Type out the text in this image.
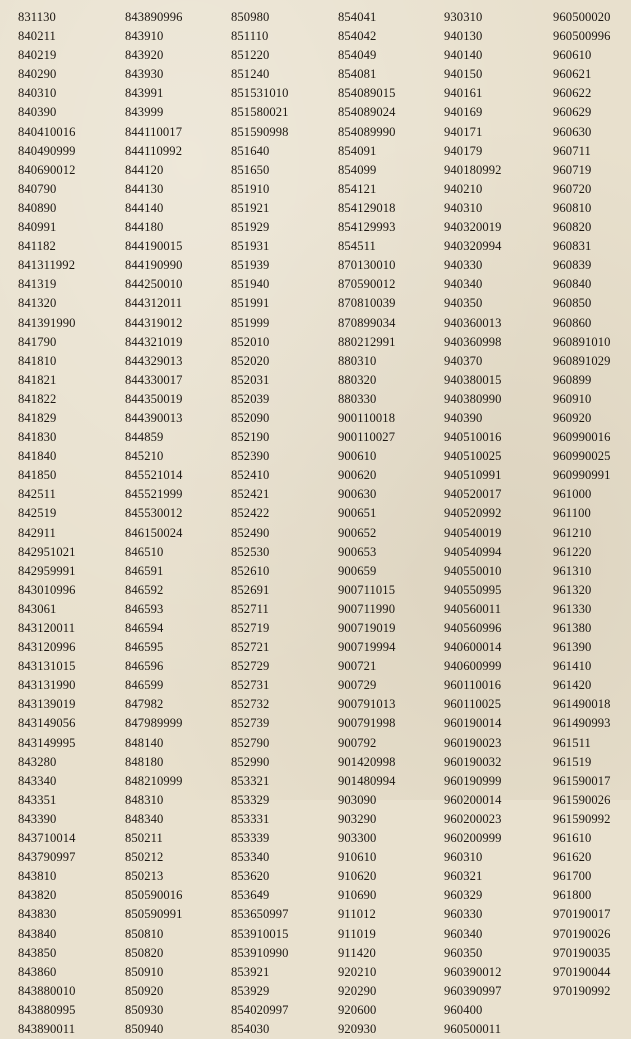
831130
840211
840219
840290
840310
840390
840410016
840490999
840690012
840790
840890
840991
841182
841311992
841319
841320
841391990
841790
841810
841821
841822
841829
841830
841840
841850
842511
842519
842911
842951021
842959991
843010996
843061
843120011
843120996
843131015
843131990
843139019
843149056
843149995
843280
843340
843351
843390
843710014
843790997
843810
843820
843830
843840
843850
843860
843880010
843880995
843890011
843890996
843910
843920
843930
843991
843999
844110017
844110992
844120
844130
844140
844180
844190015
844190990
844250010
844312011
844319012
844321019
844329013
844330017
844350019
844390013
844859
845210
845521014
845521999
845530012
846150024
846510
846591
846592
846593
846594
846595
846596
846599
847982
847989999
848140
848180
848210999
848310
848340
850211
850212
850213
850590016
850590991
850810
850820
850910
850920
850930
850940
850980
851110
851220
851240
851531010
851580021
851590998
851640
851650
851910
851921
851929
851931
851939
851940
851991
851999
852010
852020
852031
852039
852090
852190
852390
852410
852421
852422
852490
852530
852610
852691
852711
852719
852721
852729
852731
852732
852739
852790
852990
853321
853329
853331
853339
853340
853620
853649
853650997
853910015
853910990
853921
853929
854020997
854030
854041
854042
854049
854081
854089015
854089024
854089990
854091
854099
854121
854129018
854129993
854511
870130010
870590012
870810039
870899034
880212991
880310
880320
880330
900110018
900110027
900610
900620
900630
900651
900652
900653
900659
900711015
900711990
900719019
900719994
900721
900729
900791013
900791998
900792
901420998
901480994
903090
903290
903300
910610
910620
910690
911012
911019
911420
920210
920290
920600
920930
930310
940130
940140
940150
940161
940169
940171
940179
940180992
940210
940310
940320019
940320994
940330
940340
940350
940360013
940360998
940370
940380015
940380990
940390
940510016
940510025
940510991
940520017
940520992
940540019
940540994
940550010
940550995
940560011
940560996
940600014
940600999
960110016
960110025
960190014
960190023
960190032
960190999
960200014
960200023
960200999
960310
960321
960329
960330
960340
960350
960390012
960390997
960400
960500011
960500020
960500996
960610
960621
960622
960629
960630
960711
960719
960720
960810
960820
960831
960839
960840
960850
960860
960891010
960891029
960899
960910
960920
960990016
960990025
960990991
961000
961100
961210
961220
961310
961320
961330
961380
961390
961410
961420
961490018
961490993
961511
961519
961590017
961590026
961590992
961610
961620
961700
961800
970190017
970190026
970190035
970190044
970190992
